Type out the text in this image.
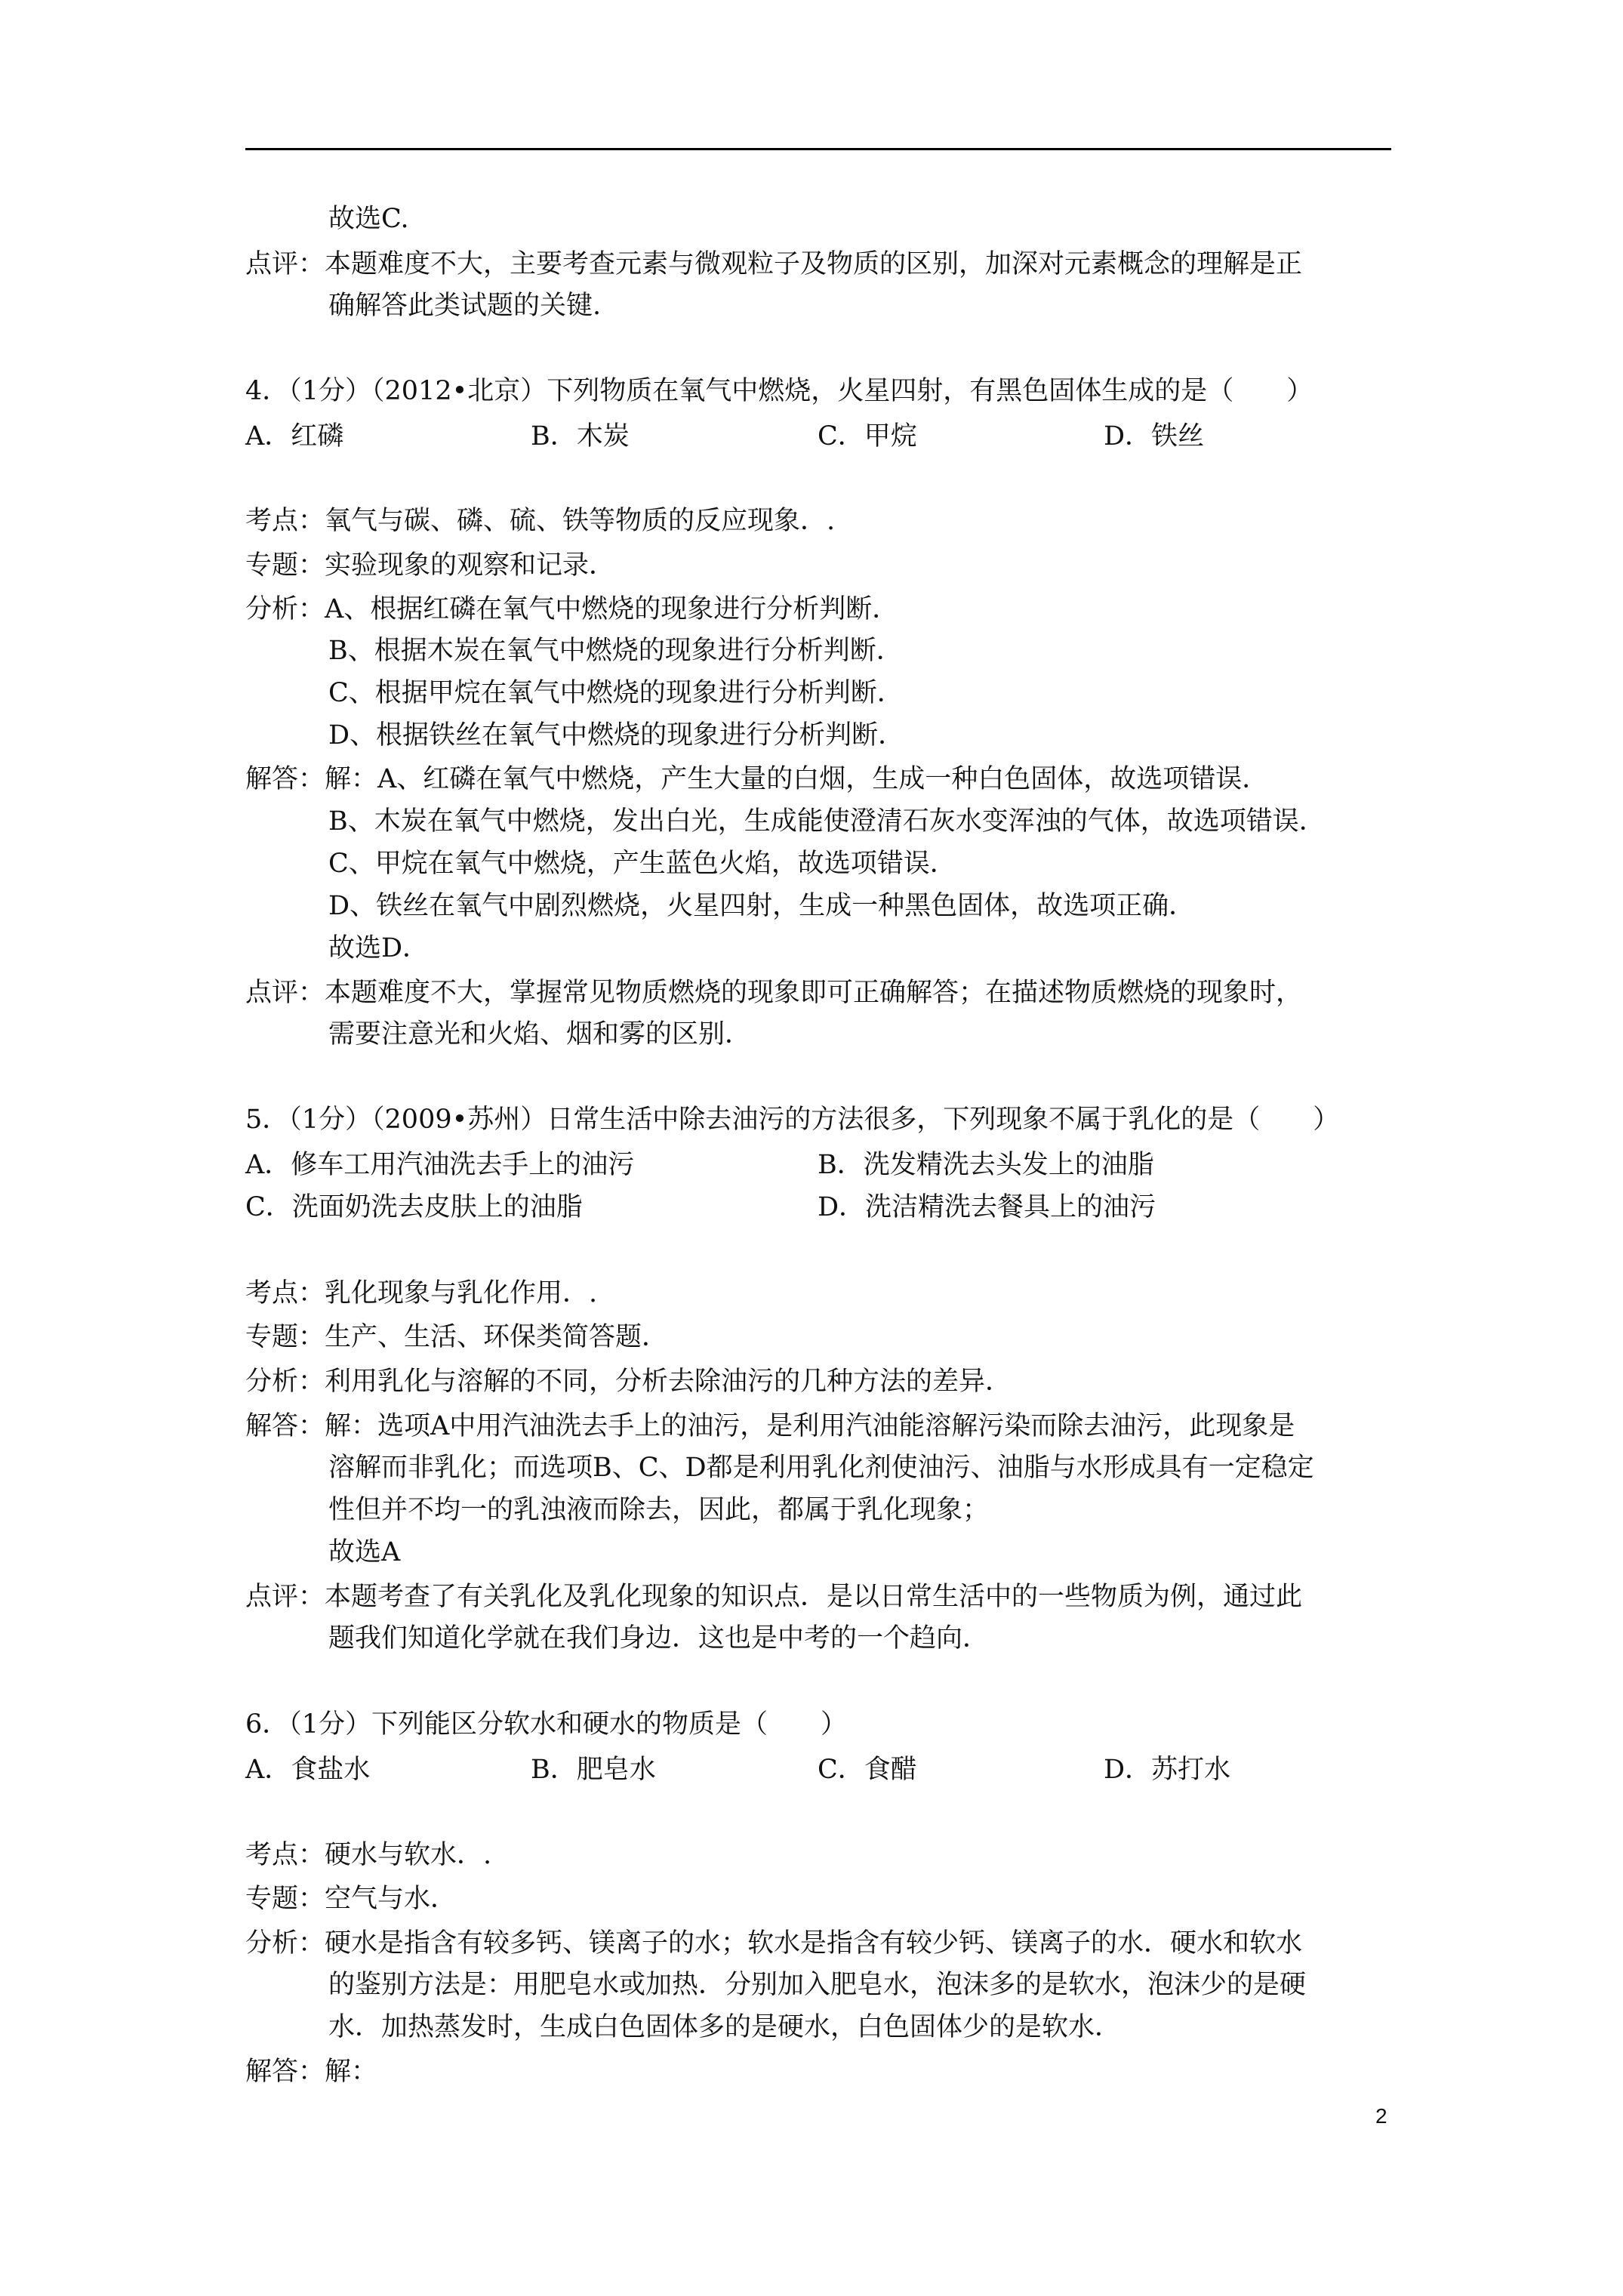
故选C.
点评：本题难度不大，主要考查元素与微观粒子及物质的区别，加深对元素概念的理解是正
确解答此类试题的关键.
4．（1分）（2012•北京）下列物质在氧气中燃烧，火星四射，有黑色固体生成的是（　　）
A．红磷	B．木炭	C．甲烷	D．铁丝
考点：氧气与碳、磷、硫、铁等物质的反应现象．.
专题：实验现象的观察和记录．
分析：A、根据红磷在氧气中燃烧的现象进行分析判断．
B、根据木炭在氧气中燃烧的现象进行分析判断．
C、根据甲烷在氧气中燃烧的现象进行分析判断．
D、根据铁丝在氧气中燃烧的现象进行分析判断．
解答：解：A、红磷在氧气中燃烧，产生大量的白烟，生成一种白色固体，故选项错误．
B、木炭在氧气中燃烧，发出白光，生成能使澄清石灰水变浑浊的气体，故选项错误．
C、甲烷在氧气中燃烧，产生蓝色火焰，故选项错误．
D、铁丝在氧气中剧烈燃烧，火星四射，生成一种黑色固体，故选项正确．
故选D．
点评：本题难度不大，掌握常见物质燃烧的现象即可正确解答；在描述物质燃烧的现象时，
需要注意光和火焰、烟和雾的区别．
5．（1分）（2009•苏州）日常生活中除去油污的方法很多，下列现象不属于乳化的是（　　）
A．修车工用汽油洗去手上的油污	B．洗发精洗去头发上的油脂
C．洗面奶洗去皮肤上的油脂	D．洗洁精洗去餐具上的油污
考点：乳化现象与乳化作用．.
专题：生产、生活、环保类简答题．
分析：利用乳化与溶解的不同，分析去除油污的几种方法的差异．
解答：解：选项A中用汽油洗去手上的油污，是利用汽油能溶解污染而除去油污，此现象是
溶解而非乳化；而选项B、C、D都是利用乳化剂使油污、油脂与水形成具有一定稳定
性但并不均一的乳浊液而除去，因此，都属于乳化现象；
故选A
点评：本题考查了有关乳化及乳化现象的知识点．是以日常生活中的一些物质为例，通过此
题我们知道化学就在我们身边．这也是中考的一个趋向．
6．（1分）下列能区分软水和硬水的物质是（　　）
A．食盐水	B．肥皂水	C．食醋	D．苏打水
考点：硬水与软水．.
专题：空气与水．
分析：硬水是指含有较多钙、镁离子的水；软水是指含有较少钙、镁离子的水．硬水和软水
的鉴别方法是：用肥皂水或加热．分别加入肥皂水，泡沫多的是软水，泡沫少的是硬
水．加热蒸发时，生成白色固体多的是硬水，白色固体少的是软水．
解答：解：
2
